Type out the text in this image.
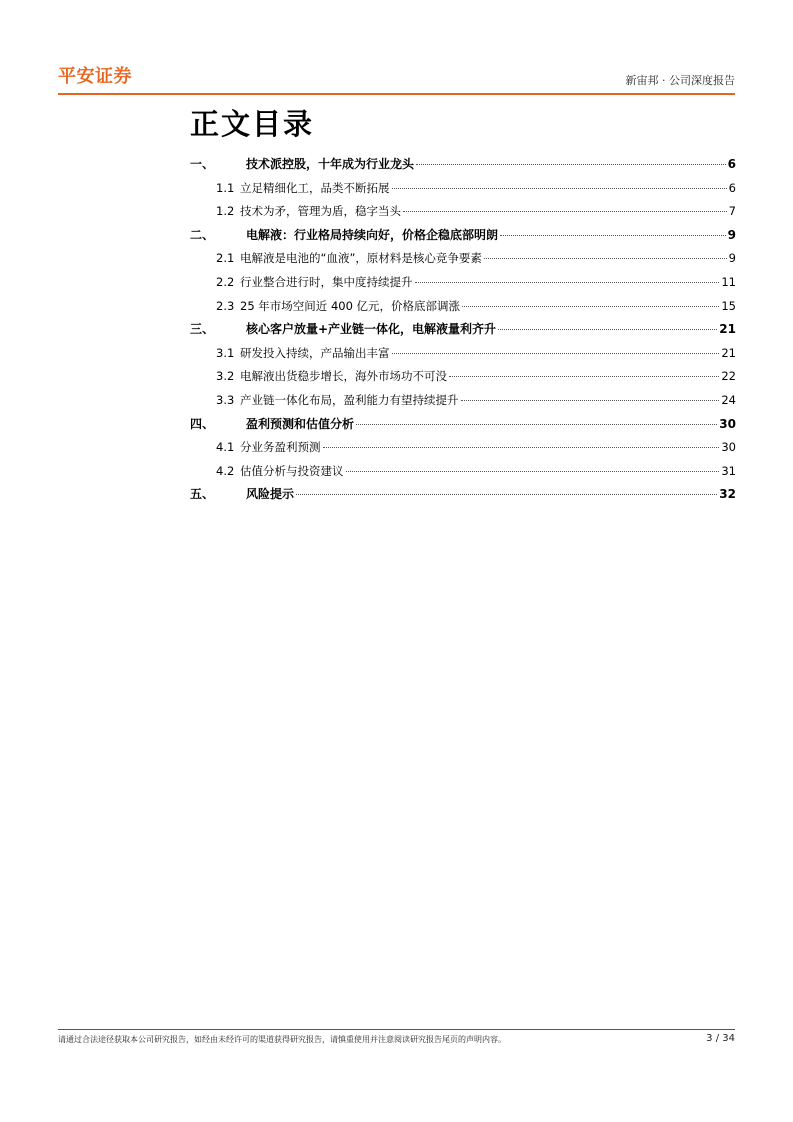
平安证券	新宙邦 · 公司深度报告
正文目录
一、	技术派控股，十年成为行业龙头	6
1.1 立足精细化工，品类不断拓展	6
1.2 技术为矛，管理为盾，稳字当头	7
二、	电解液：行业格局持续向好，价格企稳底部明朗	9
2.1 电解液是电池的“血液”，原材料是核心竞争要素	9
2.2 行业整合进行时，集中度持续提升	11
2.3 25 年市场空间近 400 亿元，价格底部调涨	15
三、	核心客户放量+产业链一体化，电解液量利齐升	21
3.1 研发投入持续，产品输出丰富	21
3.2 电解液出货稳步增长，海外市场功不可没	22
3.3 产业链一体化布局，盈利能力有望持续提升	24
四、	盈利预测和估值分析	30
4.1 分业务盈利预测	30
4.2 估值分析与投资建议	31
五、	风险提示	32
请通过合法途径获取本公司研究报告，如经由未经许可的渠道获得研究报告，请慎重使用并注意阅读研究报告尾页的声明内容。	3 / 34
